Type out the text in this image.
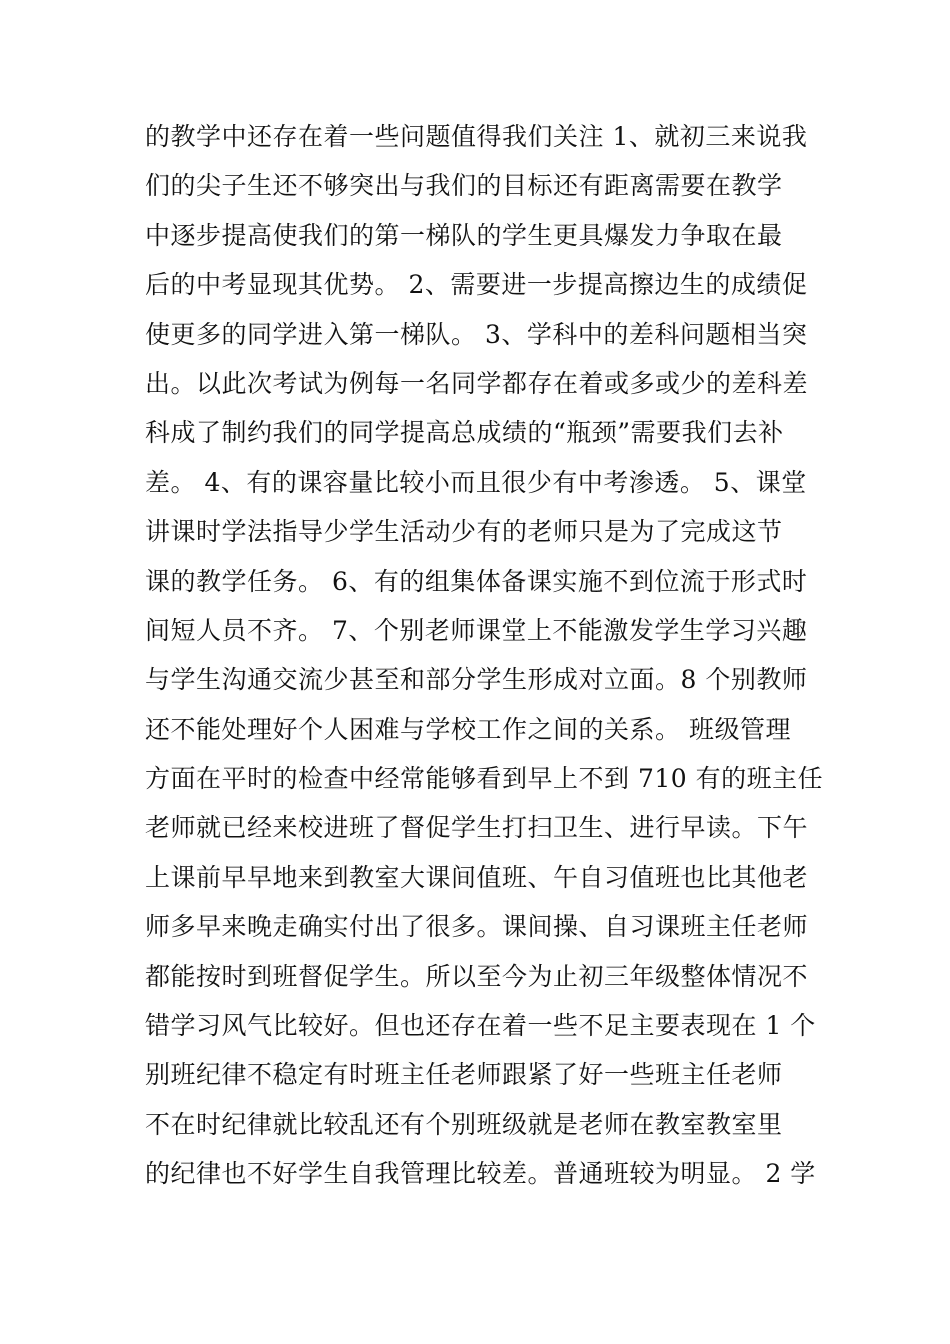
的教学中还存在着一些问题值得我们关注 1、就初三来说我
们的尖子生还不够突出与我们的目标还有距离需要在教学
中逐步提高使我们的第一梯队的学生更具爆发力争取在最
后的中考显现其优势。 2、需要进一步提高擦边生的成绩促
使更多的同学进入第一梯队。 3、学科中的差科问题相当突
出。以此次考试为例每一名同学都存在着或多或少的差科差
科成了制约我们的同学提高总成绩的“瓶颈”需要我们去补
差。 4、有的课容量比较小而且很少有中考渗透。 5、课堂
讲课时学法指导少学生活动少有的老师只是为了完成这节
课的教学任务。 6、有的组集体备课实施不到位流于形式时
间短人员不齐。 7、个别老师课堂上不能激发学生学习兴趣
与学生沟通交流少甚至和部分学生形成对立面。8 个别教师
还不能处理好个人困难与学校工作之间的关系。 班级管理
方面在平时的检查中经常能够看到早上不到 710 有的班主任
老师就已经来校进班了督促学生打扫卫生、进行早读。下午
上课前早早地来到教室大课间值班、午自习值班也比其他老
师多早来晚走确实付出了很多。课间操、自习课班主任老师
都能按时到班督促学生。所以至今为止初三年级整体情况不
错学习风气比较好。但也还存在着一些不足主要表现在 1 个
别班纪律不稳定有时班主任老师跟紧了好一些班主任老师
不在时纪律就比较乱还有个别班级就是老师在教室教室里
的纪律也不好学生自我管理比较差。普通班较为明显。 2 学
